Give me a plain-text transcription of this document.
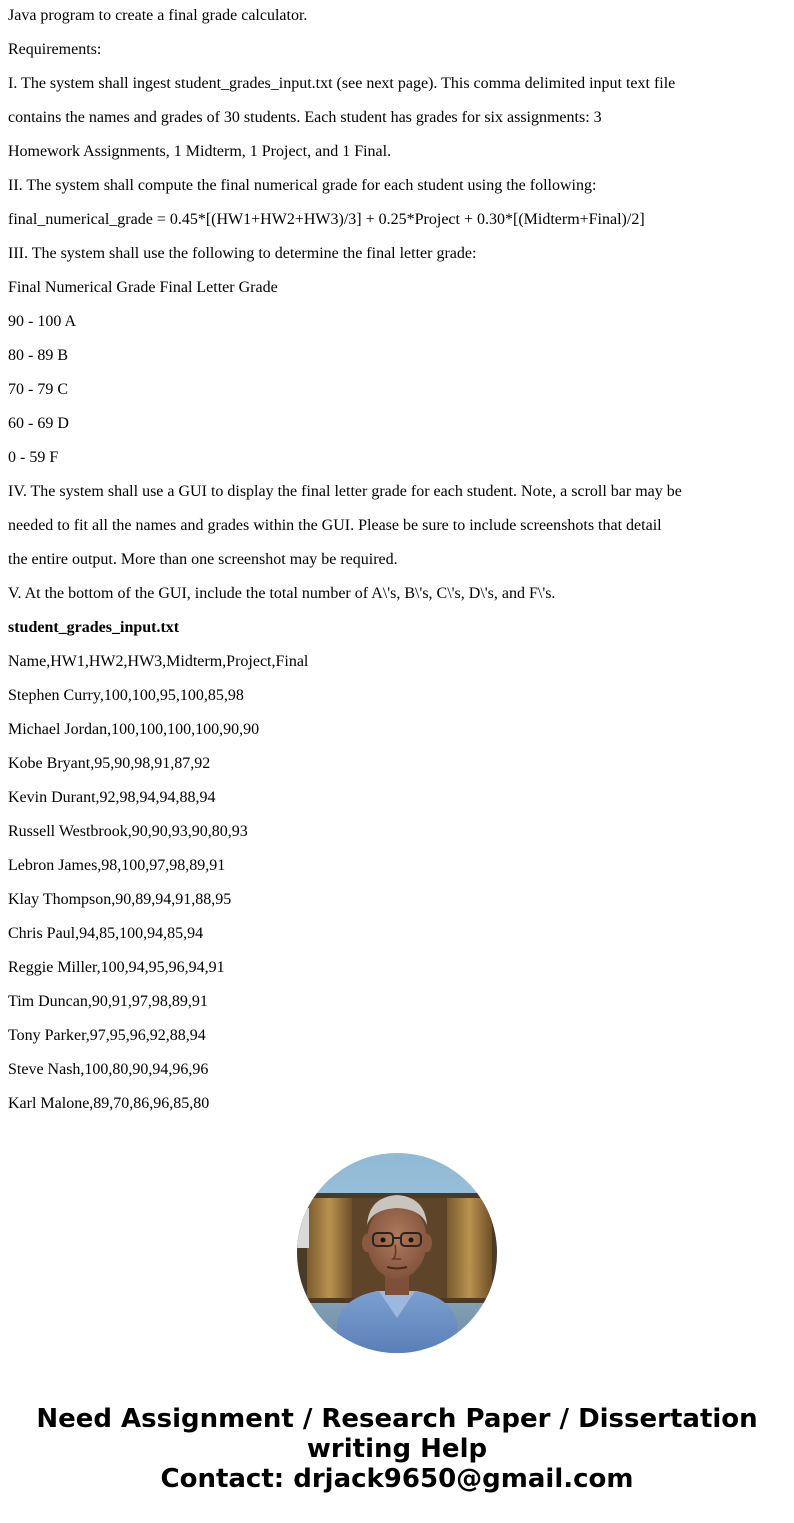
Java program to create a final grade calculator.
Requirements:
I. The system shall ingest student_grades_input.txt (see next page). This comma delimited input text file
contains the names and grades of 30 students. Each student has grades for six assignments: 3
Homework Assignments, 1 Midterm, 1 Project, and 1 Final.
II. The system shall compute the final numerical grade for each student using the following:
final_numerical_grade = 0.45*[(HW1+HW2+HW3)/3] + 0.25*Project + 0.30*[(Midterm+Final)/2]
III. The system shall use the following to determine the final letter grade:
Final Numerical Grade Final Letter Grade
90 - 100 A
80 - 89 B
70 - 79 C
60 - 69 D
0 - 59 F
IV. The system shall use a GUI to display the final letter grade for each student. Note, a scroll bar may be
needed to fit all the names and grades within the GUI. Please be sure to include screenshots that detail
the entire output. More than one screenshot may be required.
V. At the bottom of the GUI, include the total number of A\'s, B\'s, C\'s, D\'s, and F\'s.
student_grades_input.txt
Name,HW1,HW2,HW3,Midterm,Project,Final
Stephen Curry,100,100,95,100,85,98
Michael Jordan,100,100,100,100,90,90
Kobe Bryant,95,90,98,91,87,92
Kevin Durant,92,98,94,94,88,94
Russell Westbrook,90,90,93,90,80,93
Lebron James,98,100,97,98,89,91
Klay Thompson,90,89,94,91,88,95
Chris Paul,94,85,100,94,85,94
Reggie Miller,100,94,95,96,94,91
Tim Duncan,90,91,97,98,89,91
Tony Parker,97,95,96,92,88,94
Steve Nash,100,80,90,94,96,96
Karl Malone,89,70,86,96,85,80
Need Assignment / Research Paper / Dissertation
writing Help
Contact: drjack9650@gmail.com
